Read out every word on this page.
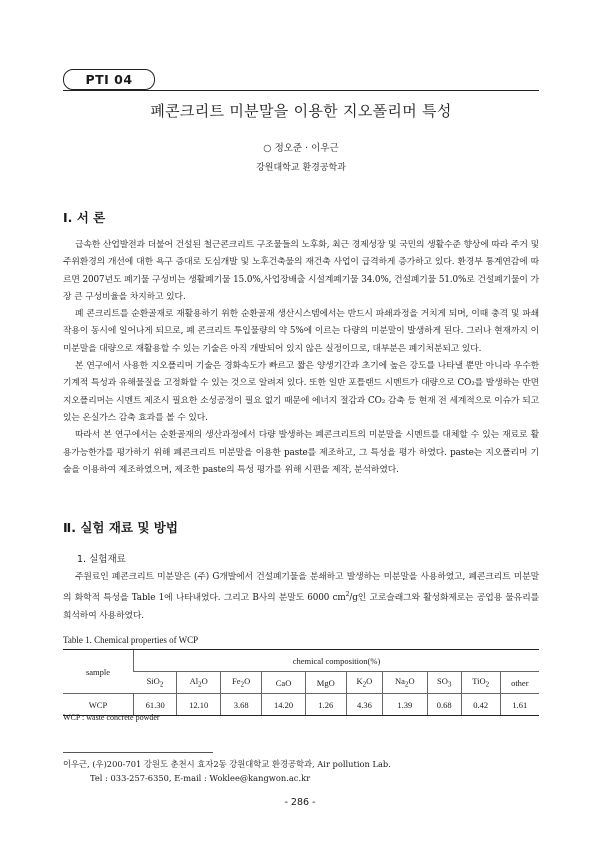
PTI 04
폐콘크리트 미분말을 이용한 지오폴리머 특성
○ 정오준 · 이우근
강원대학교 환경공학과
Ⅰ. 서 론

급속한 산업발전과 더불어 건설된 철근콘크리트 구조물들의 노후화, 최근 경제성장 및 국민의 생활수준 향상에 따라 주거 및 주위환경의 개선에 대한 욕구 증대로 도심개발 및 노후건축물의 재건축 사업이 급격하게 증가하고 있다. 환경부 통계연감에 따르면 2007년도 폐기물 구성비는 생활폐기물 15.0%,사업장배출 시설계폐기물 34.0%, 건설폐기물 51.0%로 건설폐기물이 가장 큰 구성비율을 차지하고 있다.

폐 콘크리트를 순환골재로 재활용하기 위한 순환골재 생산시스템에서는 반드시 파쇄과정을 거치게 되며, 이때 충격 및 파쇄작용이 동시에 일어나게 되므로, 폐 콘크리트 투입물량의 약 5%에 이르는 다량의 미분말이 발생하게 된다. 그러나 현재까지 이 미분말을 대량으로 재활용할 수 있는 기술은 아직 개발되어 있지 않은 실정이므로, 대부분은 폐기처분되고 있다.

본 연구에서 사용한 지오폴리머 기술은 경화속도가 빠르고 짧은 양생기간과 초기에 높은 강도를 나타낼 뿐만 아니라 우수한 기계적 특성과 유해물질을 고정화할 수 있는 것으로 알려져 있다. 또한 일반 포틀랜드 시멘트가 대량으로 CO₂를 발생하는 반면 지오폴리머는 시멘트 제조시 필요한 소성공정이 필요 없기 때문에 에너지 절감과 CO₂ 감축 등 현재 전 세계적으로 이슈가 되고 있는 온실가스 감축 효과를 볼 수 있다.

따라서 본 연구에서는 순환골재의 생산과정에서 다량 발생하는 폐콘크리트의 미분말을 시멘트를 대체할 수 있는 재료로 활용가능한가를 평가하기 위해 폐콘크리트 미분말을 이용한 paste를 제조하고, 그 특성을 평가 하였다. paste는 지오폴리머 기술을 이용하여 제조하였으며, 제조한 paste의 특성 평가를 위해 시편을 제작, 분석하였다.

Ⅱ. 실험 재료 및 방법
1. 실험재료

주원료인 폐콘크리트 미분말은 (주) G개발에서 건설폐기물을 분쇄하고 발생하는 미분말을 사용하였고, 폐콘크리트 미분말의 화학적 특성을 Table 1에 나타내었다. 그리고 B사의 분말도 6000 $cm^2/g$인 고로슬래그와 활성화제로는 공업용 물유리를 희석하여 사용하였다.

Table 1. Chemical properties of WCP
sample	chemical composition(%)									
	SiO$_2$	$Al_2O$	$Fe_2O$	CaO	MgO	$K_2O$	$Na_2O$	$SO_3$	TiO$_2$	other
WCP	61.30	12.10	3.68	14.20	1.26	4.36	1.39	0.68	0.42	1.61
WCP : waste concrete powder
이우근, (우)200-701 강원도 춘천시 효자2동 강원대학교 환경공학과, Air pollution Lab.
Tel : 033-257-6350, E-mail : Woklee@kangwon.ac.kr
- 286 -
